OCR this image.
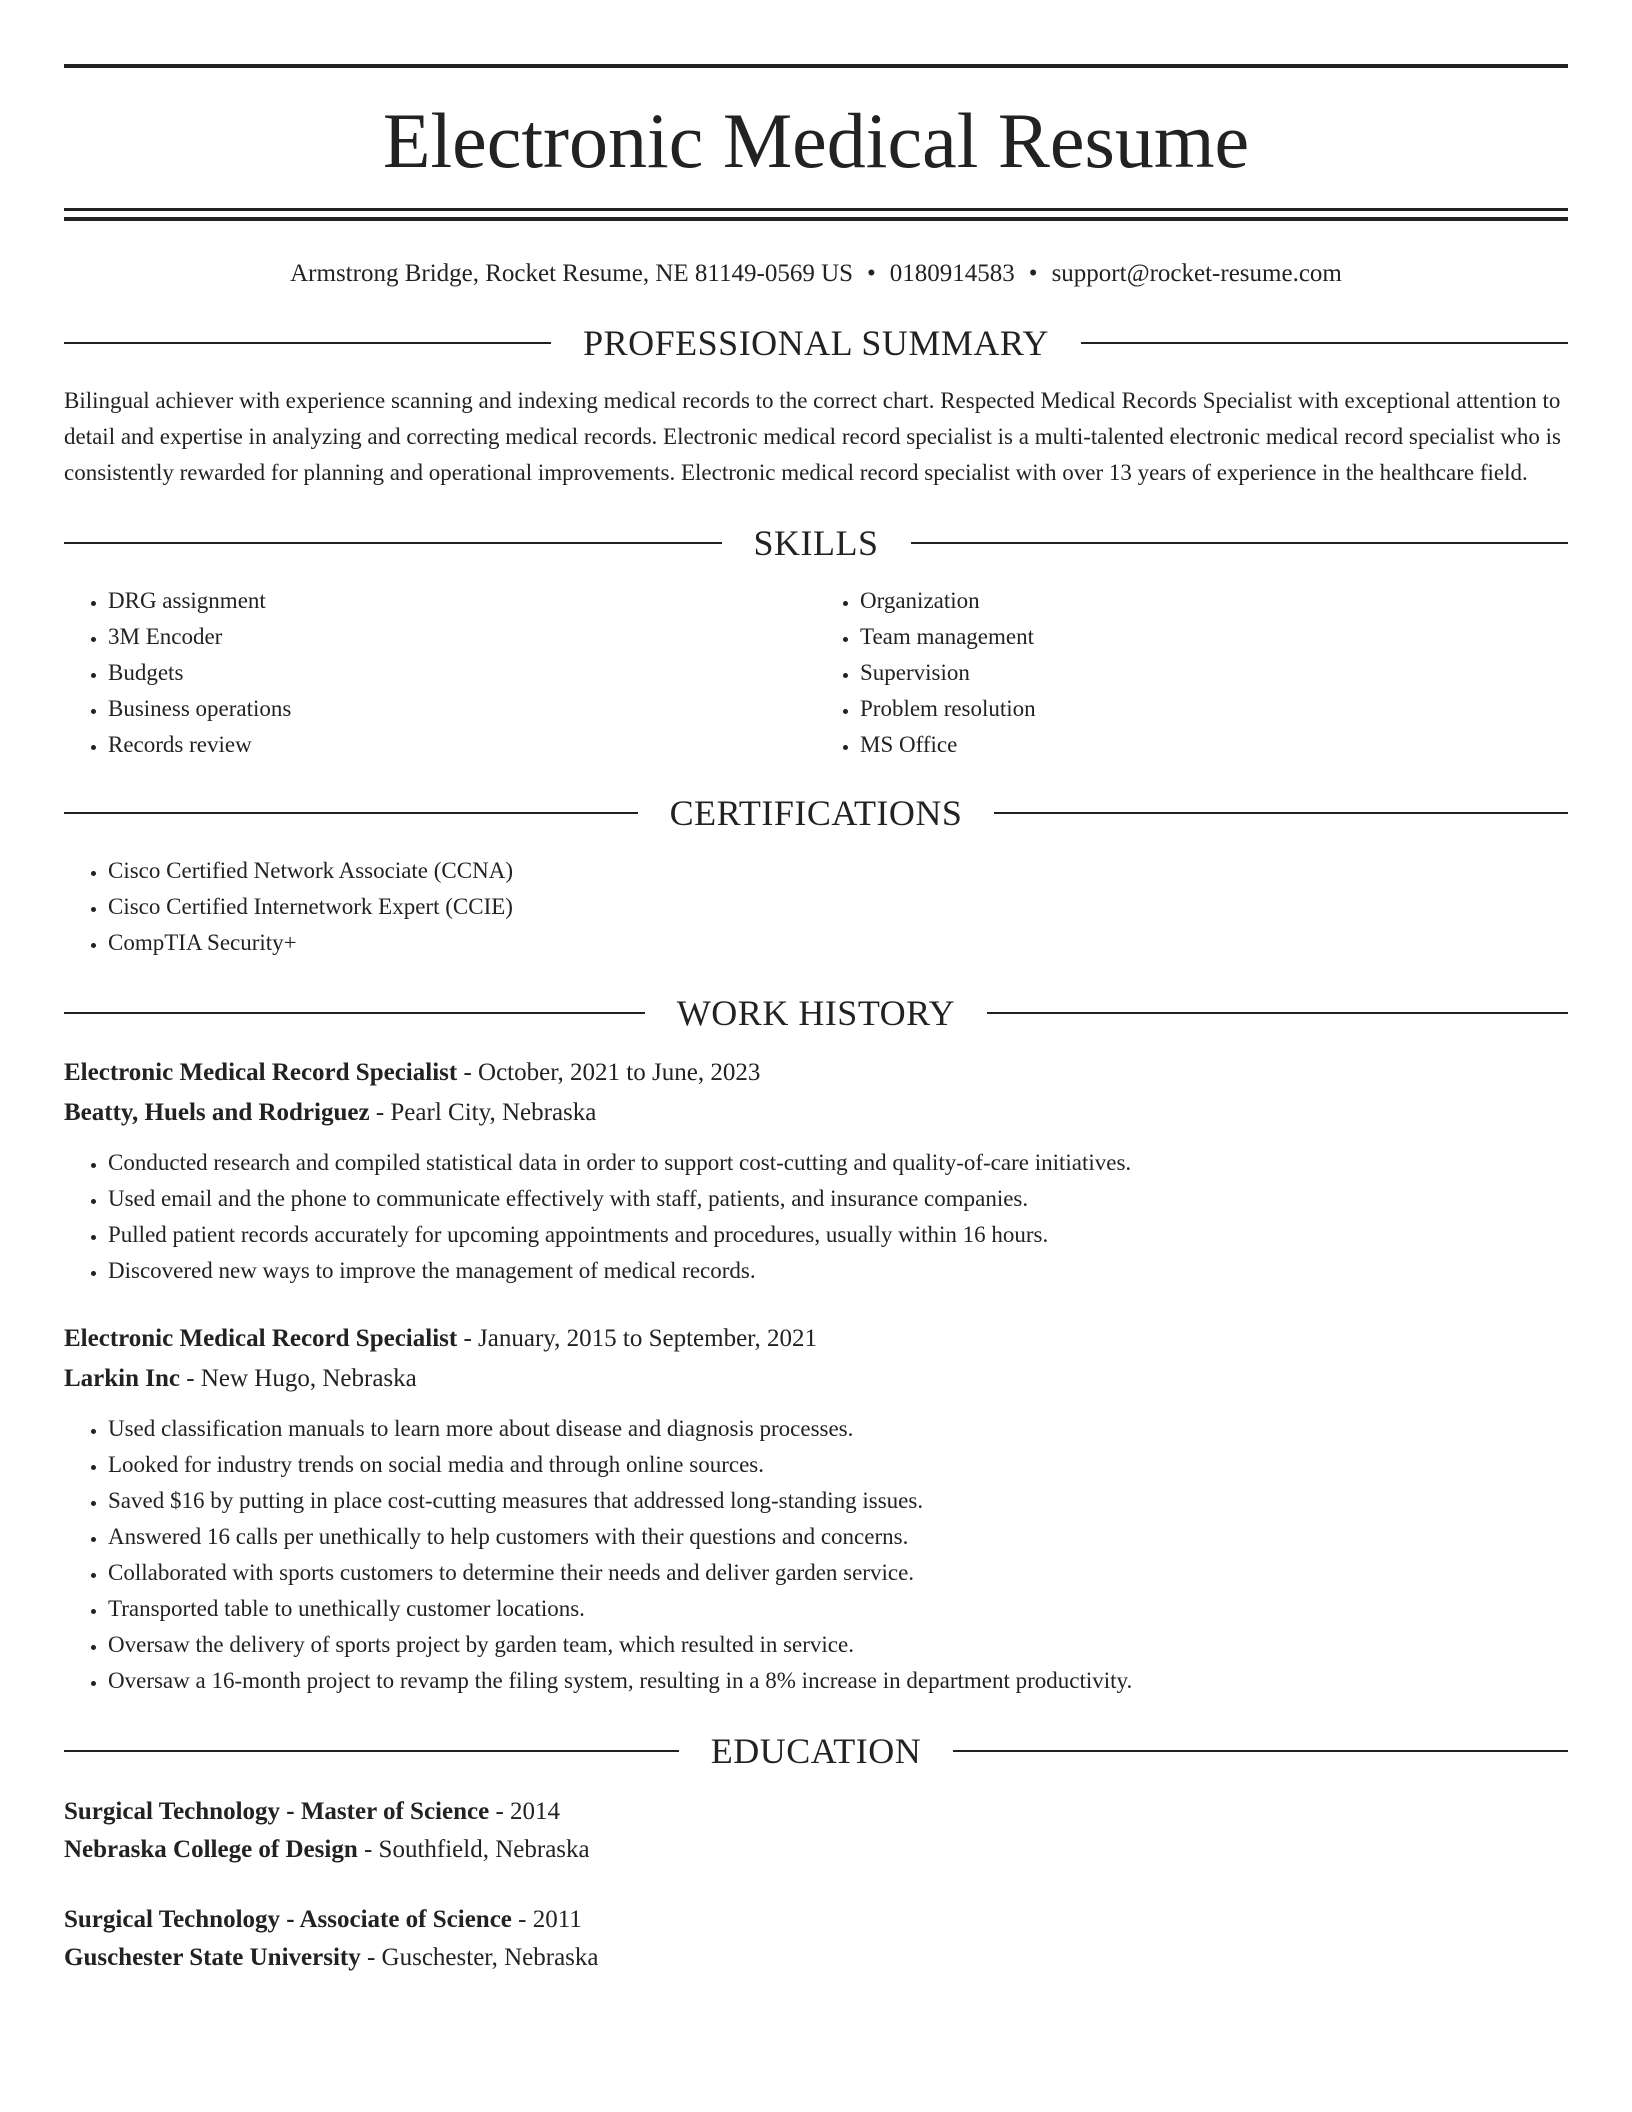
Electronic Medical Resume
Armstrong Bridge, Rocket Resume, NE 81149-0569 US • 0180914583 • support@rocket-resume.com
PROFESSIONAL SUMMARY

Bilingual achiever with experience scanning and indexing medical records to the correct chart. Respected Medical Records Specialist with exceptional attention to detail and expertise in analyzing and correcting medical records. Electronic medical record specialist is a multi-talented electronic medical record specialist who is consistently rewarded for planning and operational improvements. Electronic medical record specialist with over 13 years of experience in the healthcare field.

SKILLS
• DRG assignment
• 3M Encoder
• Budgets
• Business operations
• Records review
• Organization
• Team management
• Supervision
• Problem resolution
• MS Office
CERTIFICATIONS
• Cisco Certified Network Associate (CCNA)
• Cisco Certified Internetwork Expert (CCIE)
• CompTIA Security+
WORK HISTORY
Electronic Medical Record Specialist - October, 2021 to June, 2023
Beatty, Huels and Rodriguez - Pearl City, Nebraska
• Conducted research and compiled statistical data in order to support cost-cutting and quality-of-care initiatives.
• Used email and the phone to communicate effectively with staff, patients, and insurance companies.
• Pulled patient records accurately for upcoming appointments and procedures, usually within 16 hours.
• Discovered new ways to improve the management of medical records.
Electronic Medical Record Specialist - January, 2015 to September, 2021
Larkin Inc - New Hugo, Nebraska
• Used classification manuals to learn more about disease and diagnosis processes.
• Looked for industry trends on social media and through online sources.
• Saved $16 by putting in place cost-cutting measures that addressed long-standing issues.
• Answered 16 calls per unethically to help customers with their questions and concerns.
• Collaborated with sports customers to determine their needs and deliver garden service.
• Transported table to unethically customer locations.
• Oversaw the delivery of sports project by garden team, which resulted in service.
• Oversaw a 16-month project to revamp the filing system, resulting in a 8% increase in department productivity.
EDUCATION
Surgical Technology - Master of Science - 2014
Nebraska College of Design - Southfield, Nebraska
Surgical Technology - Associate of Science - 2011
Guschester State University - Guschester, Nebraska
